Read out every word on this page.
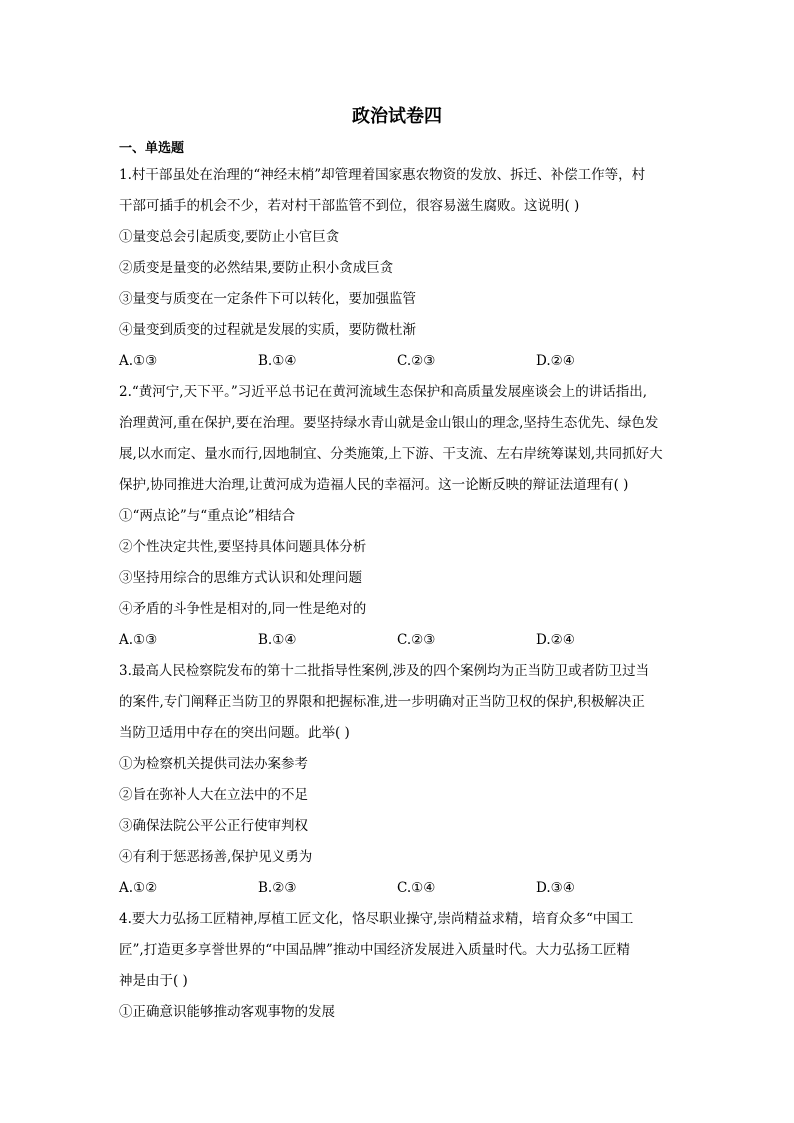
政治试卷四
一、单选题
1.村干部虽处在治理的“神经末梢”却管理着国家惠农物资的发放、拆迁、补偿工作等，村
干部可插手的机会不少，若对村干部监管不到位，很容易滋生腐败。这说明( )
①量变总会引起质变,要防止小官巨贪
②质变是量变的必然结果,要防止积小贪成巨贪
③量变与质变在一定条件下可以转化，要加强监管
④量变到质变的过程就是发展的实质，要防微杜渐
A.①③	B.①④	C.②③	D.②④
2.“黄河宁,天下平。”习近平总书记在黄河流域生态保护和高质量发展座谈会上的讲话指出,
治理黄河,重在保护,要在治理。要坚持绿水青山就是金山银山的理念,坚持生态优先、绿色发
展,以水而定、量水而行,因地制宜、分类施策,上下游、干支流、左右岸统筹谋划,共同抓好大
保护,协同推进大治理,让黄河成为造福人民的幸福河。这一论断反映的辩证法道理有( )
①“两点论”与“重点论”相结合
②个性决定共性,要坚持具体问题具体分析
③坚持用综合的思维方式认识和处理问题
④矛盾的斗争性是相对的,同一性是绝对的
A.①③	B.①④	C.②③	D.②④
3.最高人民检察院发布的第十二批指导性案例,涉及的四个案例均为正当防卫或者防卫过当
的案件,专门阐释正当防卫的界限和把握标准,进一步明确对正当防卫权的保护,积极解决正
当防卫适用中存在的突出问题。此举( )
①为检察机关提供司法办案参考
②旨在弥补人大在立法中的不足
③确保法院公平公正行使审判权
④有利于惩恶扬善,保护见义勇为
A.①②	B.②③	C.①④	D.③④
4.要大力弘扬工匠精神,厚植工匠文化，恪尽职业操守,崇尚精益求精，培育众多“中国工
匠”,打造更多享誉世界的“中国品牌”推动中国经济发展进入质量时代。大力弘扬工匠精
神是由于( )
①正确意识能够推动客观事物的发展
